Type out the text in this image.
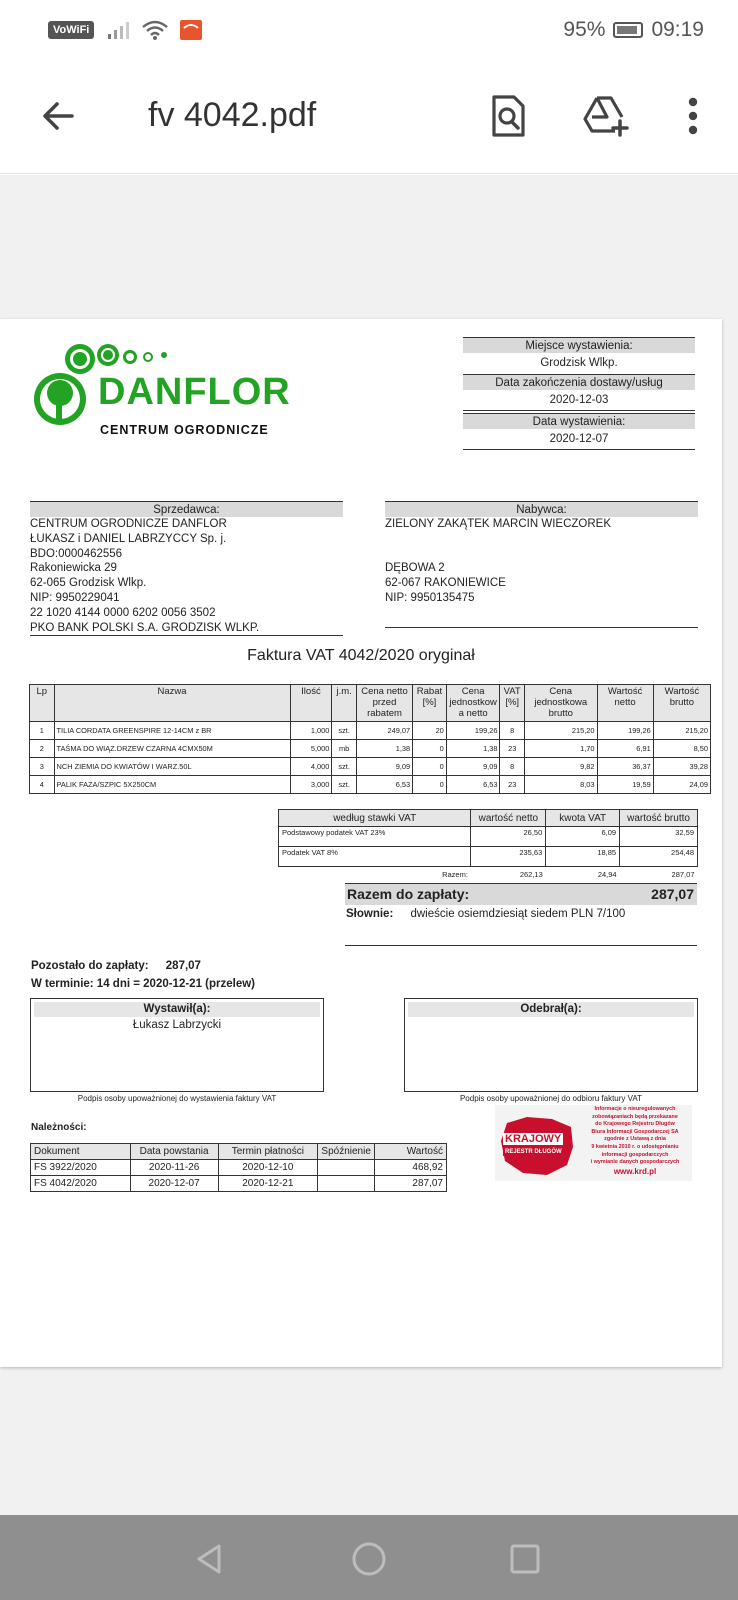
VoWiFi	95% 09:19
fv 4042.pdf
DANFLOR
CENTRUM OGRODNICZE
Miejsce wystawienia:
Grodzisk Wlkp.
Data zakończenia dostawy/usług
2020-12-03
Data wystawienia:
2020-12-07
Sprzedawca:
CENTRUM OGRODNICZE DANFLOR
ŁUKASZ i DANIEL LABRZYCCY Sp. j.
BDO:0000462556
Rakoniewicka 29
62-065 Grodzisk Wlkp.
NIP: 9950229041
22 1020 4144 0000 6202 0056 3502
PKO BANK POLSKI S.A. GRODZISK WLKP.
Nabywca:
ZIELONY ZAKĄTEK MARCIN WIECZOREK
DĘBOWA 2
62-067 RAKONIEWICE
NIP: 9950135475
Faktura VAT 4042/2020 oryginał
Lp	Nazwa	Ilość	j.m.	Cena netto przed rabatem	Rabat [%]	Cena jednostkow a netto	VAT [%]	Cena jednostkowa brutto	Wartość netto	Wartość brutto
1	TILIA CORDATA GREENSPIRE 12-14CM z BR	1,000	szt.	249,07	20	199,26	8	215,20	199,26	215,20
2	TAŚMA DO WIĄZ.DRZEW CZARNA 4CMX50M	5,000	mb	1,38	0	1,38	23	1,70	6,91	8,50
3	NCH ZIEMIA DO KWIATÓW I WARZ.50L	4,000	szt.	9,09	0	9,09	8	9,82	36,37	39,28
4	PALIK FAZA/SZPIC 5X250CM	3,000	szt.	6,53	0	6,53	23	8,03	19,59	24,09
według stawki VAT	wartość netto	kwota VAT	wartość brutto
Podstawowy podatek VAT 23%	26,50	6,09	32,59
Podatek VAT 8%	235,63	18,85	254,48
Razem:	262,13	24,94	287,07
Razem do zapłaty:	287,07
Słownie: dwieście osiemdziesiąt siedem PLN 7/100
Pozostało do zapłaty: 287,07
W terminie: 14 dni = 2020-12-21 (przelew)
Wystawił(a):
Łukasz Labrzycki
Podpis osoby upoważnionej do wystawienia faktury VAT
Odebrał(a):
Podpis osoby upoważnionej do odbioru faktury VAT
Należności:
Dokument	Data powstania	Termin płatności	Spóźnienie	Wartość
FS 3922/2020	2020-11-26	2020-12-10		468,92
FS 4042/2020	2020-12-07	2020-12-21		287,07
KRAJOWY
REJESTR DŁUGÓW
Informacje o nieuregulowanych
zobowiązaniach będą przekazane
do Krajowego Rejestru Długów
Biura Informacji Gospodarczej SA
zgodnie z Ustawą z dnia
9 kwietnia 2010 r. o udostępnianiu
informacji gospodarczych
i wymianie danych gospodarczych
www.krd.pl
